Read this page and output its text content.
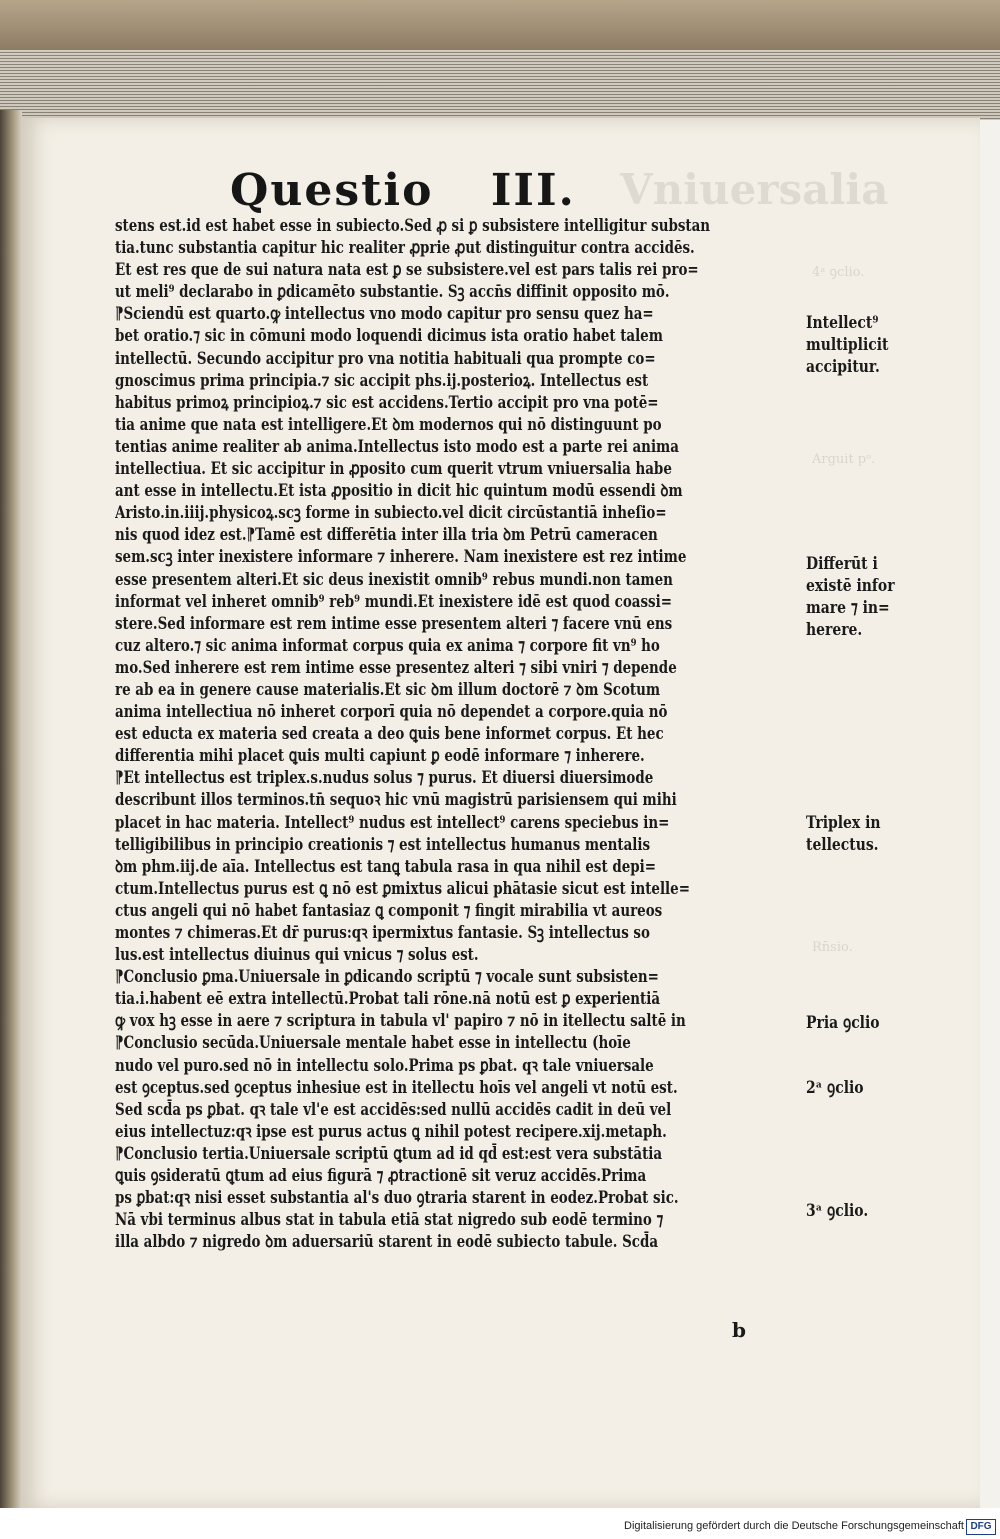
Vniuersalia
Questio III.
stens est.id est habet esse in subiecto.Sed ꝓ si ꝑ subsistere intelligitur substan
tia.tunc substantia capitur hic realiter ꝓprie ꝓut distinguitur contra accidēs.
Et est res que de sui natura nata est ꝑ se subsistere.vel est pars talis rei pro=
ut meli⁹ declarabo in ꝑdicamēto substantie. Sꝫ accn̄s diffinit opposito mō.
⁋Sciendū est quarto.ꝙ intellectus vno modo capitur pro sensu quez ha=
bet oratio.⁊ sic in cōmuni modo loquendi dicimus ista oratio habet talem
intellectū. Secundo accipitur pro vna notitia habituali qua prompte co=
gnoscimus prima principia.⁊ sic accipit phs.ij.posterioꝝ. Intellectus est
habitus primoꝝ principioꝝ.⁊ sic est accidens.Tertio accipit pro vna potē=
tia anime que nata est intelligere.Et ꝺm modernos qui nō distinguunt po
tentias anime realiter ab anima.Intellectus isto modo est a parte rei anima
intellectiua. Et sic accipitur in ꝓposito cum querit vtrum vniuersalia habe
ant esse in intellectu.Et ista ꝓpositio in dicit hic quintum modū essendi ꝺm
Aristo.in.iiij.physicoꝝ.scꝫ forme in subiecto.vel dicit circūstantiā inheſio=
nis quod idez est.⁋Tamē est differētia inter illa tria ꝺm Petrū cameracen
sem.scꝫ inter inexistere informare ⁊ inherere. Nam inexistere est rez intime
esse presentem alteri.Et sic deus inexistit omnib⁹ rebus mundi.non tamen
informat vel inheret omnib⁹ reb⁹ mundi.Et inexistere idē est quod coassi=
stere.Sed informare est rem intime esse presentem alteri ⁊ facere vnū ens
cuz altero.⁊ sic anima informat corpus quia ex anima ⁊ corpore fit vn⁹ ho
mo.Sed inherere est rem intime esse presentez alteri ⁊ sibi vniri ⁊ depende
re ab ea in genere cause materialis.Et sic ꝺm illum doctorē ⁊ ꝺm Scotum
anima intellectiua nō inheret corporī quia nō dependet a corpore.quia nō
est educta ex materia sed creata a deo ꝗuis bene informet corpus. Et hec
differentia mihi placet ꝗuis multi capiunt ꝑ eodē informare ⁊ inherere.
⁋Et intellectus est triplex.s.nudus solus ⁊ purus. Et diuersi diuersimode
describunt illos terminos.tn̄ sequoꝛ hic vnū magistrū parisiensem qui mihi
placet in hac materia. Intellect⁹ nudus est intellect⁹ carens speciebus in=
telligibilibus in principio creationis ⁊ est intellectus humanus mentalis
ꝺm phm.iij.de aīa. Intellectus est tanꝗ tabula rasa in qua nihil est depi=
ctum.Intellectus purus est ꝗ nō est ꝑmixtus alicui phātasie sicut est intelle=
ctus angeli qui nō habet fantasiaz ꝗ componit ⁊ fingit mirabilia vt aureos
montes ⁊ chimeras.Et dr̄ purus:qꝛ ipermixtus fantasie. Sꝫ intellectus so
lus.est intellectus diuinus qui vnicus ⁊ solus est.
⁋Conclusio ꝑma.Uniuersale in ꝑdicando scriptū ⁊ vocale sunt subsisten=
tia.i.habent eē extra intellectū.Probat tali rōne.nā notū est ꝑ experientiā
ꝙ vox hꝫ esse in aere ⁊ scriptura in tabula vl' papiro ⁊ nō in itellectu saltē in
⁋Conclusio secūda.Uniuersale mentale habet esse in intellectu (hoīe
nudo vel puro.sed nō in intellectu solo.Prima ps ꝑbat. qꝛ tale vniuersale
est ꝯceptus.sed ꝯceptus inhesiue est in itellectu hoīs vel angeli vt notū est.
Sed scd̄a ps ꝑbat. qꝛ tale vl'e est accidēs:sed nullū accidēs cadit in deū vel
eius intellectuz:qꝛ ipse est purus actus ꝗ nihil potest recipere.xij.metaph.
⁋Conclusio tertia.Uniuersale scriptū ꝗtum ad id qd̄ est:est vera substātia
ꝗuis ꝯsideratū ꝗtum ad eius figurā ⁊ ꝓtractionē sit veruz accidēs.Prima
ps ꝑbat:qꝛ nisi esset substantia al's duo ꝯtraria starent in eodez.Probat sic.
Nā vbi terminus albus stat in tabula etiā stat nigredo sub eodē termino ⁊
illa albdo ⁊ nigredo ꝺm aduersariū starent in eodē subiecto tabule. Scd̄a
Intellect⁹
multiplicit
accipitur.
Differūt i
existē infor
mare ⁊ in=
herere.
Triplex in
tellectus.
Pria ꝯclio
2ᵃ ꝯclio
3ᵃ ꝯclio.
4ᵃ ꝯclio.
Arguit pᵒ.
Rn̄sio.
b
Digitalisierung gefördert durch die Deutsche Forschungsgemeinschaft DFG
